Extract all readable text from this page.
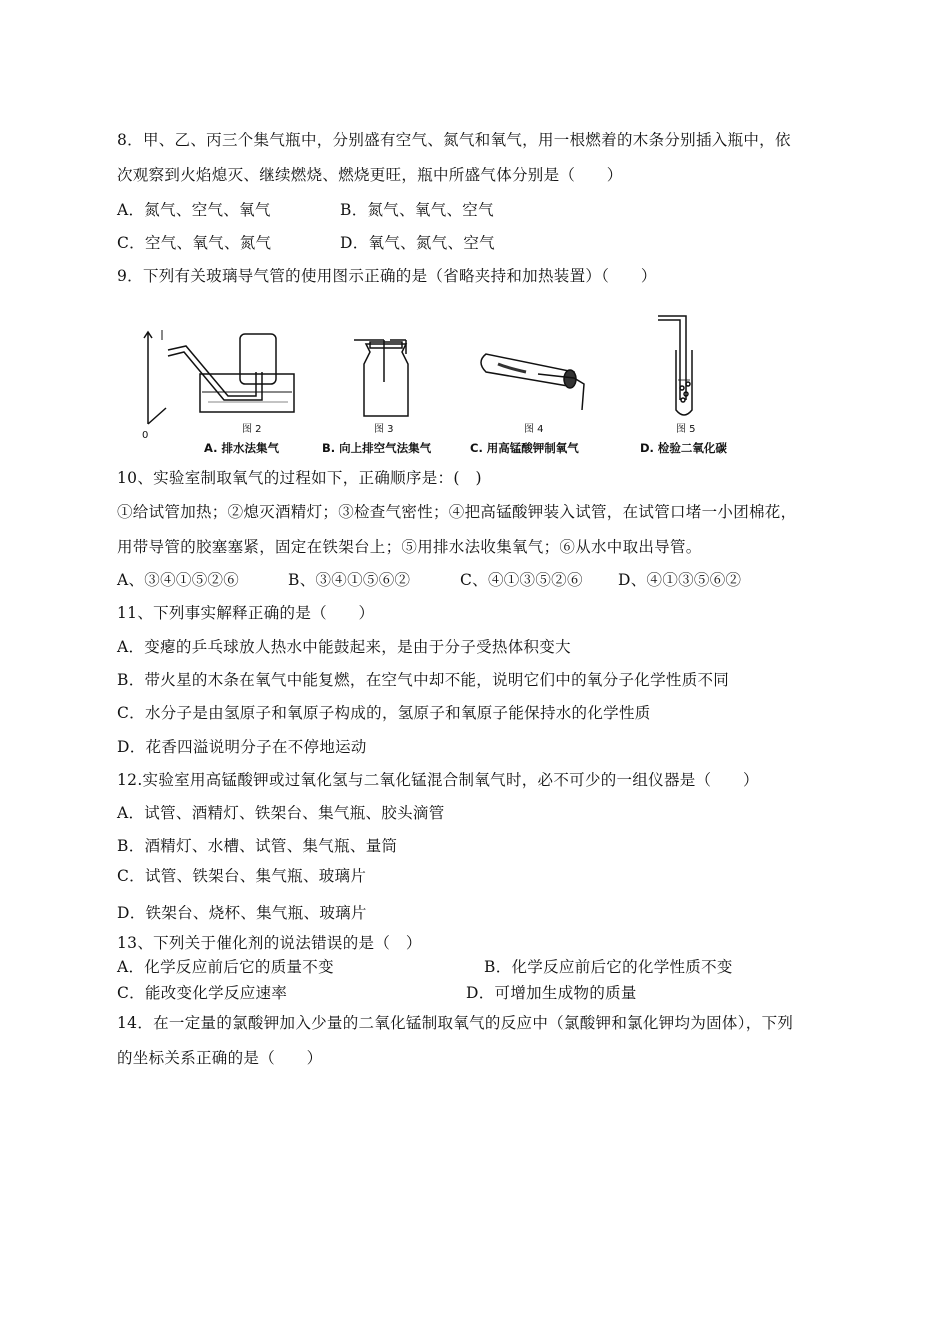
8．甲、乙、丙三个集气瓶中，分别盛有空气、氮气和氧气，用一根燃着的木条分别插入瓶中，依
次观察到火焰熄灭、继续燃烧、燃烧更旺，瓶中所盛气体分别是（　　）
A．氮气、空气、氧气	B．氮气、氧气、空气
C．空气、氧气、氮气	D．氧气、氮气、空气
9．下列有关玻璃导气管的使用图示正确的是（省略夹持和加热装置）（　　）
图 2	图 3	图 4	图 5
0
A. 排水法集气	B. 向上排空气法集气	C. 用高锰酸钾制氧气	D. 检验二氧化碳
10、实验室制取氧气的过程如下，正确顺序是：(　)
①给试管加热；②熄灭酒精灯；③检查气密性；④把高锰酸钾装入试管，在试管口堵一小团棉花，
用带导管的胶塞塞紧，固定在铁架台上；⑤用排水法收集氧气；⑥从水中取出导管。
A、③④①⑤②⑥	B、③④①⑤⑥②	C、④①③⑤②⑥ D、④①③⑤⑥②
11、下列事实解释正确的是（　　）
A．变瘪的乒乓球放人热水中能鼓起来，是由于分子受热体积变大
B．带火星的木条在氧气中能复燃，在空气中却不能，说明它们中的氧分子化学性质不同
C．水分子是由氢原子和氧原子构成的，氢原子和氧原子能保持水的化学性质
D．花香四溢说明分子在不停地运动
12.实验室用高锰酸钾或过氧化氢与二氧化锰混合制氧气时，必不可少的一组仪器是（　　）
A．试管、酒精灯、铁架台、集气瓶、胶头滴管
B．酒精灯、水槽、试管、集气瓶、量筒
C．试管、铁架台、集气瓶、玻璃片
D．铁架台、烧杯、集气瓶、玻璃片
13、下列关于催化剂的说法错误的是（　）
A．化学反应前后它的质量不变	B．化学反应前后它的化学性质不变
C．能改变化学反应速率	D．可增加生成物的质量
14．在一定量的氯酸钾加入少量的二氧化锰制取氧气的反应中（氯酸钾和氯化钾均为固体），下列
的坐标关系正确的是（　　）
